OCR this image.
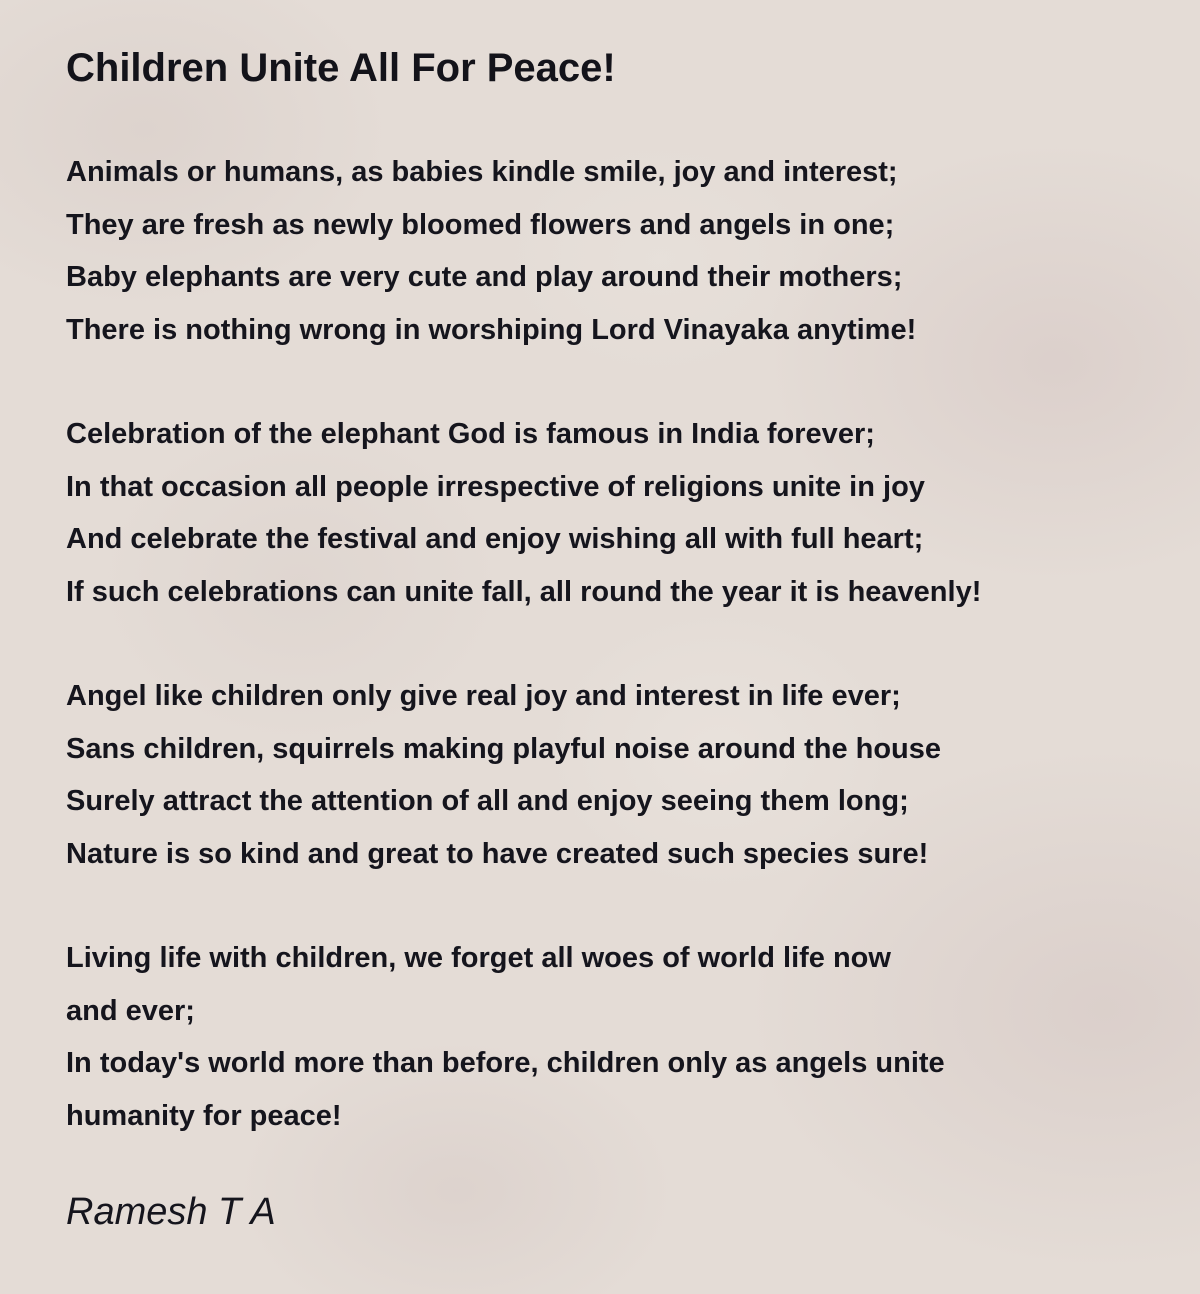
Children Unite All For Peace!
Animals or humans, as babies kindle smile, joy and interest;
They are fresh as newly bloomed flowers and angels in one;
Baby elephants are very cute and play around their mothers;
There is nothing wrong in worshiping Lord Vinayaka anytime!
Celebration of the elephant God is famous in India forever;
In that occasion all people irrespective of religions unite in joy
And celebrate the festival and enjoy wishing all with full heart;
If such celebrations can unite fall, all round the year it is heavenly!
Angel like children only give real joy and interest in life ever;
Sans children, squirrels making playful noise around the house
Surely attract the attention of all and enjoy seeing them long;
Nature is so kind and great to have created such species sure!
Living life with children, we forget all woes of world life now
and ever;
In today's world more than before, children only as angels unite
humanity for peace!
Ramesh T A
